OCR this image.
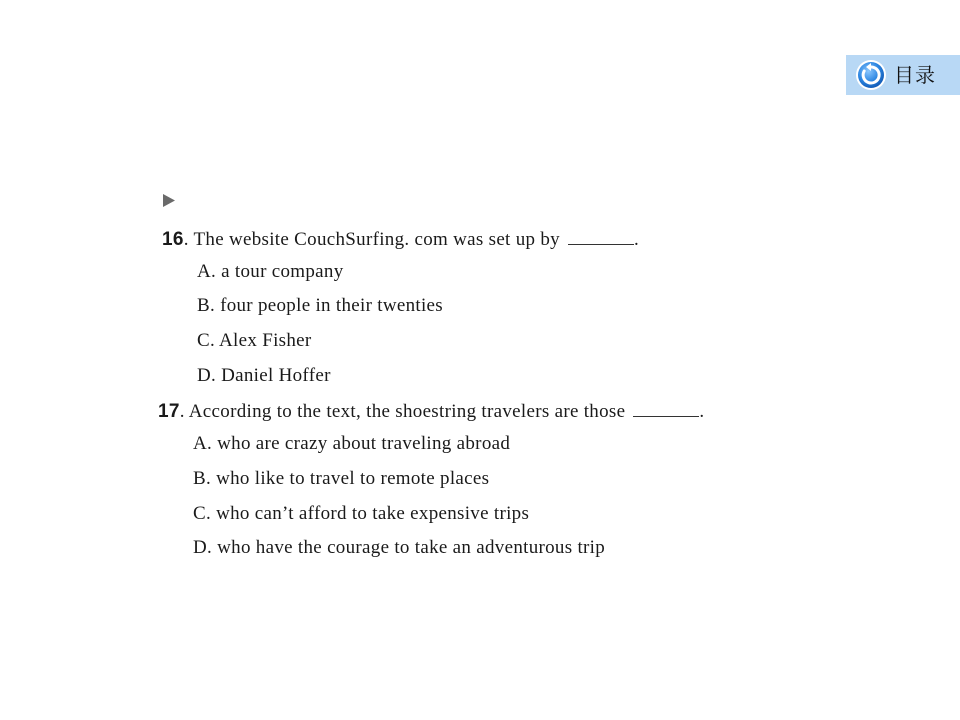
目录
16. The website CouchSurfing. com was set up by	.
A. a tour company
B. four people in their twenties
C. Alex Fisher
D. Daniel Hoffer
17. According to the text, the shoestring travelers are those	.
A. who are crazy about traveling abroad
B. who like to travel to remote places
C. who can’t afford to take expensive trips
D. who have the courage to take an adventurous trip
